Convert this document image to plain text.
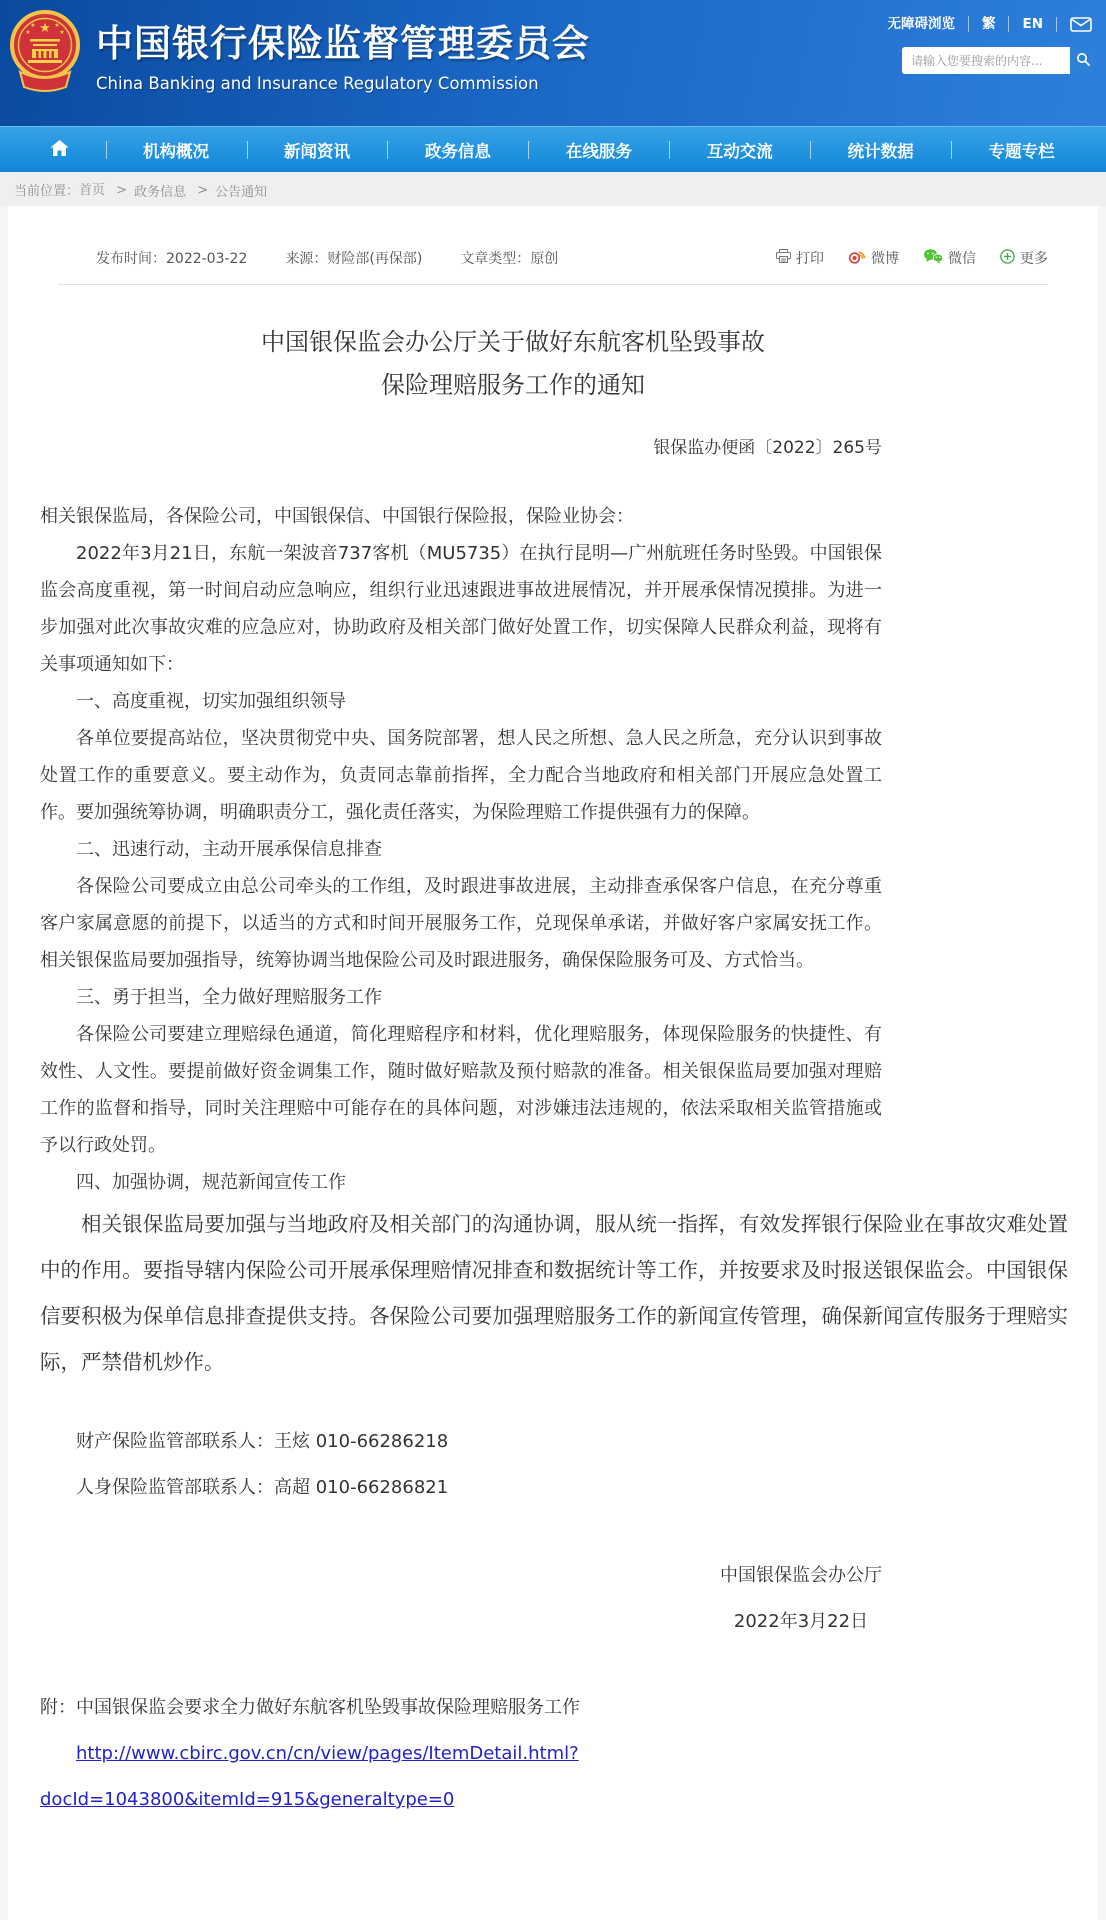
★
★	★
★	★ 中国银行保险监督管理委员会
China Banking and Insurance Regulatory Commission
无障碍浏览	繁	EN
请输入您要搜索的内容...
机构概况	新闻资讯	政务信息	在线服务	互动交流	统计数据	专题专栏
当前位置： 首页
> 政务信息
> 公告通知
发布时间：2022-03-22	来源：财险部(再保部)	文章类型：原创	打印	微博	微信	更多
中国银保监会办公厅关于做好东航客机坠毁事故
保险理赔服务工作的通知
银保监办便函〔2022〕265号

相关银保监局，各保险公司，中国银保信、中国银行保险报，保险业协会：

2022年3月21日，东航一架波音737客机（MU5735）在执行昆明—广州航班任务时坠毁。中国银保监会高度重视，第一时间启动应急响应，组织行业迅速跟进事故进展情况，并开展承保情况摸排。为进一步加强对此次事故灾难的应急应对，协助政府及相关部门做好处置工作，切实保障人民群众利益，现将有关事项通知如下：

一、高度重视，切实加强组织领导

各单位要提高站位，坚决贯彻党中央、国务院部署，想人民之所想、急人民之所急，充分认识到事故处置工作的重要意义。要主动作为，负责同志靠前指挥，全力配合当地政府和相关部门开展应急处置工作。要加强统筹协调，明确职责分工，强化责任落实，为保险理赔工作提供强有力的保障。

二、迅速行动，主动开展承保信息排查

各保险公司要成立由总公司牵头的工作组，及时跟进事故进展，主动排查承保客户信息，在充分尊重客户家属意愿的前提下，以适当的方式和时间开展服务工作，兑现保单承诺，并做好客户家属安抚工作。相关银保监局要加强指导，统筹协调当地保险公司及时跟进服务，确保保险服务可及、方式恰当。

三、勇于担当，全力做好理赔服务工作

各保险公司要建立理赔绿色通道，简化理赔程序和材料，优化理赔服务，体现保险服务的快捷性、有效性、人文性。要提前做好资金调集工作，随时做好赔款及预付赔款的准备。相关银保监局要加强对理赔工作的监督和指导，同时关注理赔中可能存在的具体问题，对涉嫌违法违规的，依法采取相关监管措施或予以行政处罚。

四、加强协调，规范新闻宣传工作

相关银保监局要加强与当地政府及相关部门的沟通协调，服从统一指挥，有效发挥银行保险业在事故灾难处置中的作用。要指导辖内保险公司开展承保理赔情况排查和数据统计等工作，并按要求及时报送银保监会。中国银保信要积极为保单信息排查提供支持。各保险公司要加强理赔服务工作的新闻宣传管理，确保新闻宣传服务于理赔实际，严禁借机炒作。

财产保险监管部联系人：王炫 010-66286218

人身保险监管部联系人：高超 010-66286821

中国银保监会办公厅
2022年3月22日

附：中国银保监会要求全力做好东航客机坠毁事故保险理赔服务工作

http://www.cbirc.gov.cn/cn/view/pages/ItemDetail.html?

docId=1043800&itemId=915&generaltype=0
